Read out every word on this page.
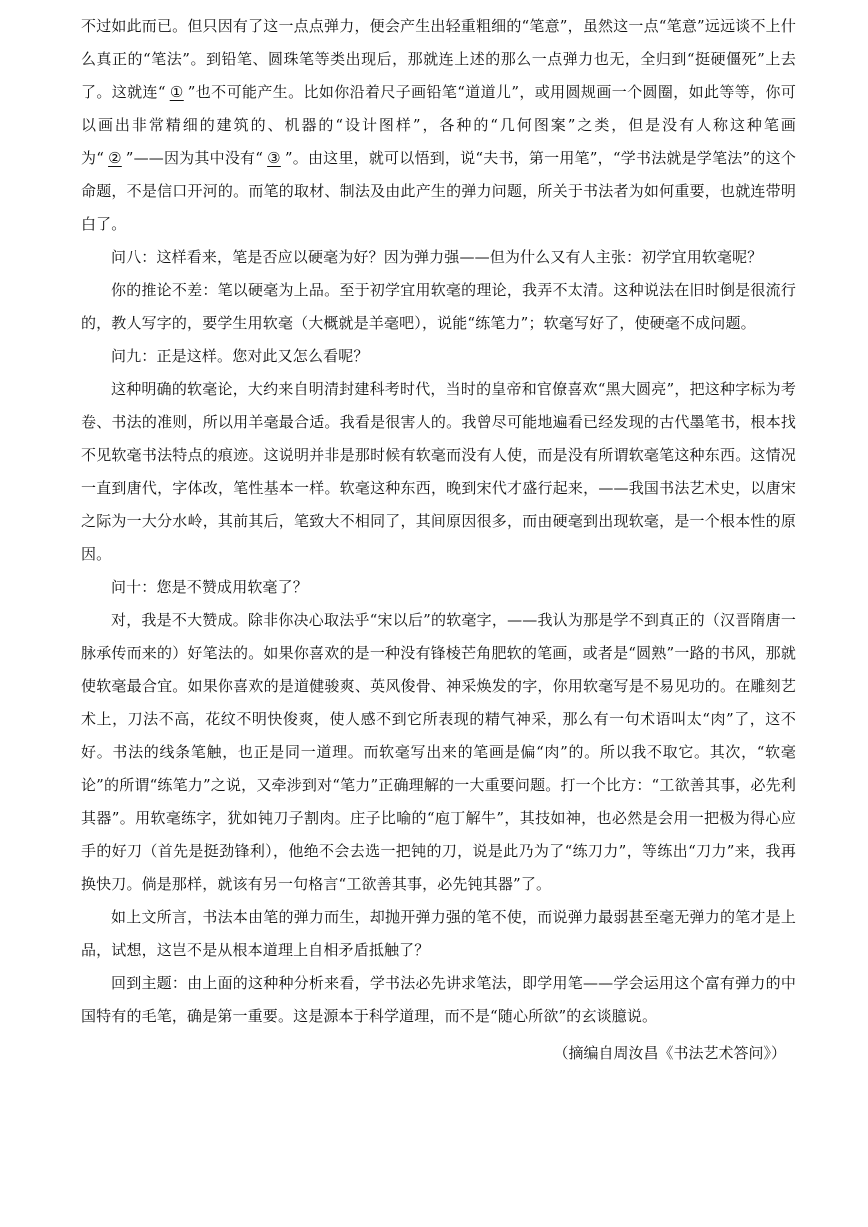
不过如此而已。但只因有了这一点点弹力，便会产生出轻重粗细的“笔意”，虽然这一点“笔意”远远谈不上什么真正的“笔法”。到铅笔、圆珠笔等类出现后，那就连上述的那么一点弹力也无，全归到“挺硬僵死”上去了。这就连“ ① ”也不可能产生。比如你沿着尺子画铅笔“道道儿”，或用圆规画一个圆圈，如此等等，你可以画出非常精细的建筑的、机器的“设计图样”，各种的“几何图案”之类，但是没有人称这种笔画为“ ② ”——因为其中没有“ ③ ”。由这里，就可以悟到，说“夫书，第一用笔”，“学书法就是学笔法”的这个命题，不是信口开河的。而笔的取材、制法及由此产生的弹力问题，所关于书法者为如何重要，也就连带明白了。

问八：这样看来，笔是否应以硬毫为好？因为弹力强——但为什么又有人主张：初学宜用软毫呢？

你的推论不差：笔以硬毫为上品。至于初学宜用软毫的理论，我弄不太清。这种说法在旧时倒是很流行的，教人写字的，要学生用软毫（大概就是羊毫吧），说能“练笔力”；软毫写好了，使硬毫不成问题。

问九：正是这样。您对此又怎么看呢？

这种明确的软毫论，大约来自明清封建科考时代，当时的皇帝和官僚喜欢“黑大圆亮”，把这种字标为考卷、书法的准则，所以用羊毫最合适。我看是很害人的。我曾尽可能地遍看已经发现的古代墨笔书，根本找不见软毫书法特点的痕迹。这说明并非是那时候有软毫而没有人使，而是没有所谓软毫笔这种东西。这情况一直到唐代，字体改，笔性基本一样。软毫这种东西，晚到宋代才盛行起来，——我国书法艺术史，以唐宋之际为一大分水岭，其前其后，笔致大不相同了，其间原因很多，而由硬毫到出现软毫，是一个根本性的原因。

问十：您是不赞成用软毫了？

对，我是不大赞成。除非你决心取法乎“宋以后”的软毫字，——我认为那是学不到真正的（汉晋隋唐一脉承传而来的）好笔法的。如果你喜欢的是一种没有锋棱芒角肥软的笔画，或者是“圆熟”一路的书风，那就使软毫最合宜。如果你喜欢的是道健骏爽、英风俊骨、神采焕发的字，你用软毫写是不易见功的。在雕刻艺术上，刀法不高，花纹不明快俊爽，使人感不到它所表现的精气神采，那么有一句术语叫太“肉”了，这不好。书法的线条笔触，也正是同一道理。而软毫写出来的笔画是偏“肉”的。所以我不取它。其次，“软毫论”的所谓“练笔力”之说，又牵涉到对“笔力”正确理解的一大重要问题。打一个比方：“工欲善其事，必先利其器”。用软毫练字，犹如钝刀子割肉。庄子比喻的“庖丁解牛”，其技如神，也必然是会用一把极为得心应手的好刀（首先是挺劲锋利），他绝不会去选一把钝的刀，说是此乃为了“练刀力”，等练出“刀力”来，我再换快刀。倘是那样，就该有另一句格言“工欲善其事，必先钝其器”了。

如上文所言，书法本由笔的弹力而生，却抛开弹力强的笔不使，而说弹力最弱甚至毫无弹力的笔才是上品，试想，这岂不是从根本道理上自相矛盾抵触了？

回到主题：由上面的这种种分析来看，学书法必先讲求笔法，即学用笔——学会运用这个富有弹力的中国特有的毛笔，确是第一重要。这是源本于科学道理，而不是“随心所欲”的玄谈臆说。

（摘编自周汝昌《书法艺术答问》）
